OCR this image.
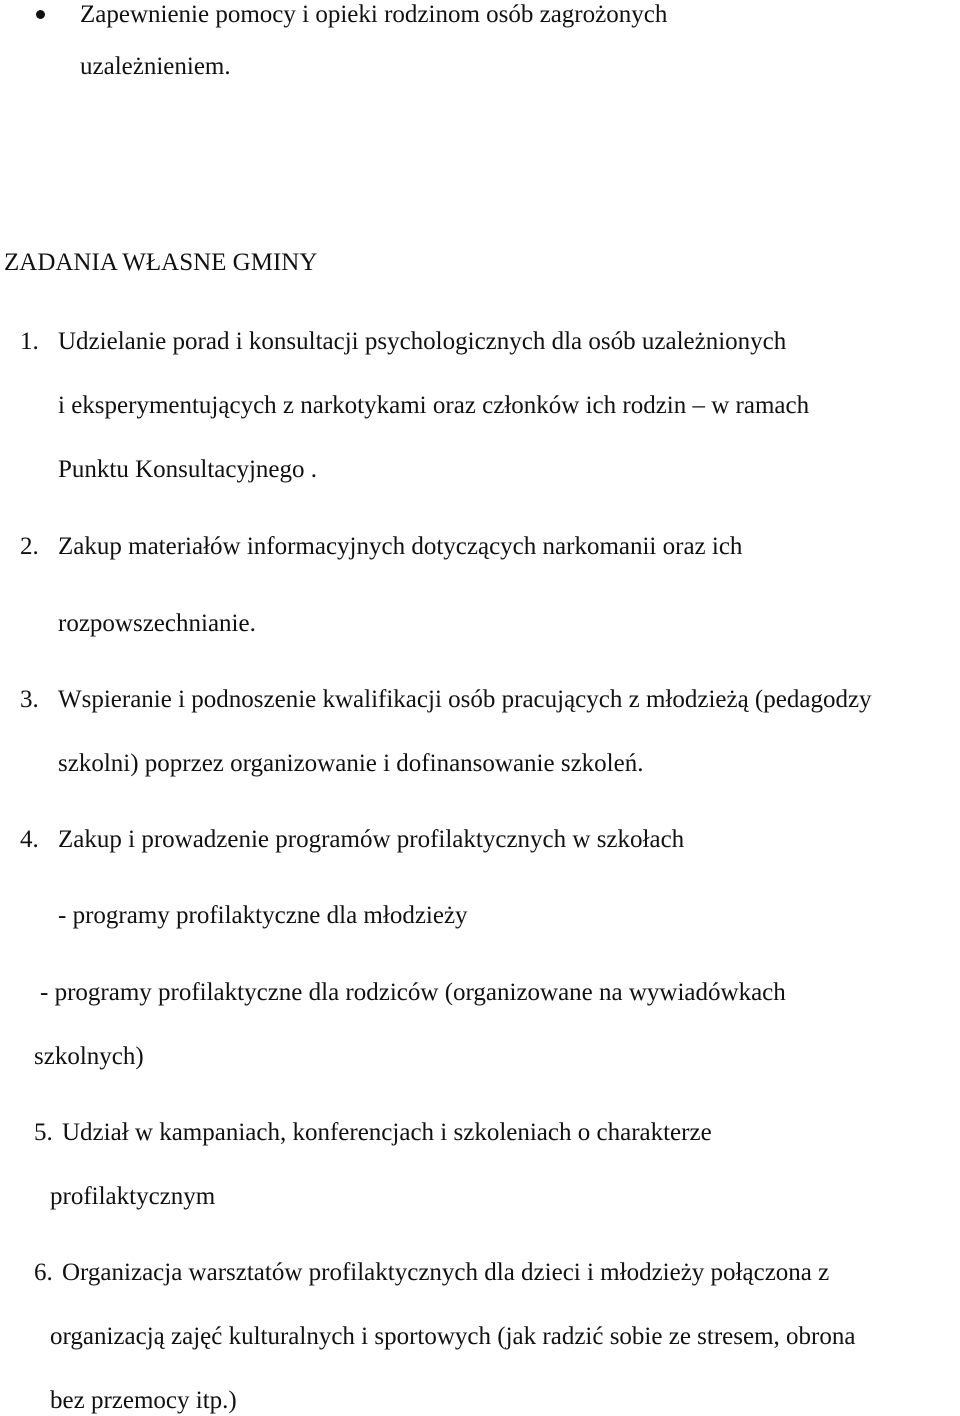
Zapewnienie pomocy i opieki rodzinom osób zagrożonych
uzależnieniem.
ZADANIA WŁASNE GMINY
1. Udzielanie porad i konsultacji psychologicznych dla osób uzależnionych
i eksperymentujących z narkotykami oraz członków ich rodzin – w ramach
Punktu Konsultacyjnego .
2. Zakup materiałów informacyjnych dotyczących narkomanii oraz ich
rozpowszechnianie.
3. Wspieranie i podnoszenie kwalifikacji osób pracujących z młodzieżą (pedagodzy
szkolni) poprzez organizowanie i dofinansowanie szkoleń.
4. Zakup i prowadzenie programów profilaktycznych w szkołach
- programy profilaktyczne dla młodzieży
- programy profilaktyczne dla rodziców (organizowane na wywiadówkach
szkolnych)
5. Udział w kampaniach, konferencjach i szkoleniach o charakterze
profilaktycznym
6. Organizacja warsztatów profilaktycznych dla dzieci i młodzieży połączona z
organizacją zajęć kulturalnych i sportowych (jak radzić sobie ze stresem, obrona
bez przemocy itp.)
